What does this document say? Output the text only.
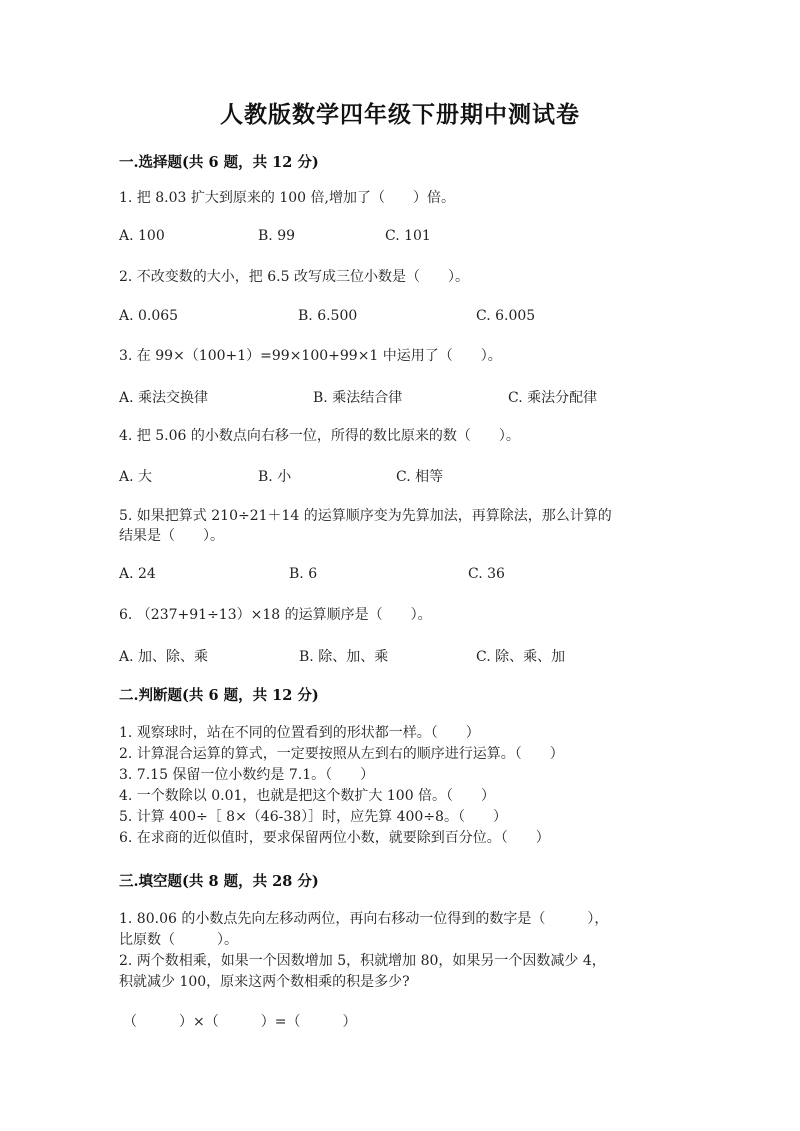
人教版数学四年级下册期中测试卷
一.选择题(共 6 题，共 12 分)
1. 把 8.03 扩大到原来的 100 倍,增加了（　　）倍。
A. 100	B. 99	C. 101
2. 不改变数的大小，把 6.5 改写成三位小数是（　　）。
A. 0.065	B. 6.500	C. 6.005
3. 在 99×（100+1）=99×100+99×1 中运用了（　　）。
A. 乘法交换律	B. 乘法结合律	C. 乘法分配律
4. 把 5.06 的小数点向右移一位，所得的数比原来的数（　　）。
A. 大	B. 小	C. 相等
5. 如果把算式 210÷21＋14 的运算顺序变为先算加法，再算除法，那么计算的
结果是（　　）。
A. 24	B. 6	C. 36
6. （237+91÷13）×18 的运算顺序是（　　）。
A. 加、除、乘	B. 除、加、乘	C. 除、乘、加
二.判断题(共 6 题，共 12 分)
1. 观察球时，站在不同的位置看到的形状都一样。（　　）
2. 计算混合运算的算式，一定要按照从左到右的顺序进行运算。（　　）
3. 7.15 保留一位小数约是 7.1。（　　）
4. 一个数除以 0.01，也就是把这个数扩大 100 倍。（　　）
5. 计算 400÷［ 8×（46-38）］时，应先算 400÷8。（　　）
6. 在求商的近似值时，要求保留两位小数，就要除到百分位。（　　）
三.填空题(共 8 题，共 28 分)
1. 80.06 的小数点先向左移动两位，再向右移动一位得到的数字是（　　　），
比原数（　　　）。
2. 两个数相乘，如果一个因数增加 5，积就增加 80，如果另一个因数减少 4，
积就减少 100，原来这两个数相乘的积是多少?
（　　　）×（　　　）=（　　　）
